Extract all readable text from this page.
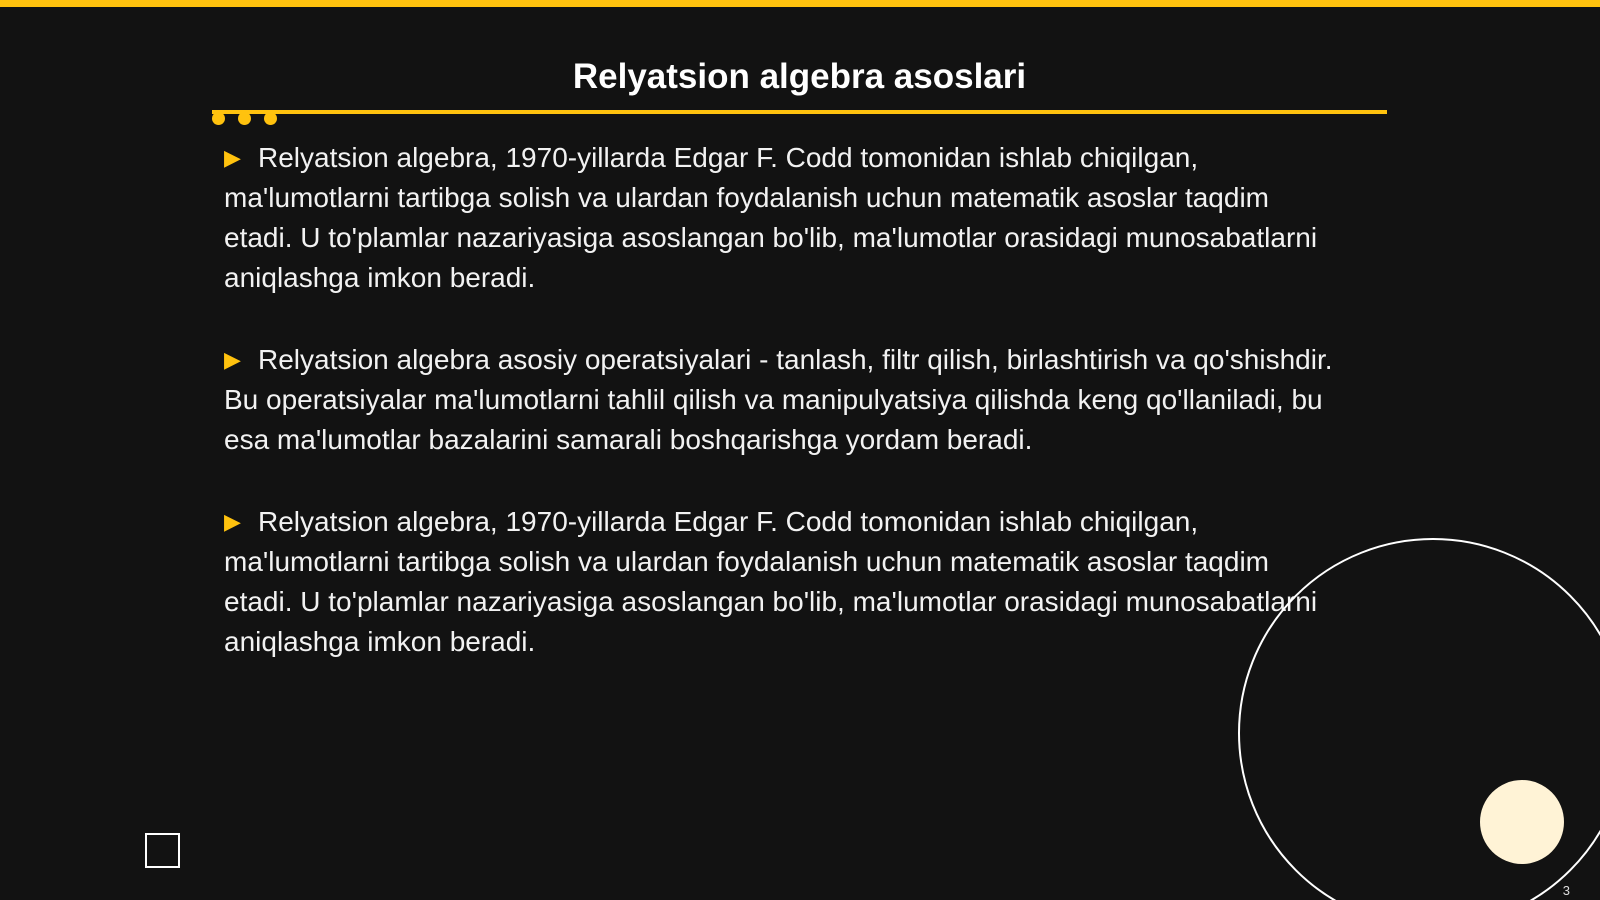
Relyatsion algebra asoslari

▶ Relyatsion algebra, 1970-yillarda Edgar F. Codd tomonidan ishlab chiqilgan, ma'lumotlarni tartibga solish va ulardan foydalanish uchun matematik asoslar taqdim etadi. U to'plamlar nazariyasiga asoslangan bo'lib, ma'lumotlar orasidagi munosabatlarni aniqlashga imkon beradi.

▶ Relyatsion algebra asosiy operatsiyalari - tanlash, filtr qilish, birlashtirish va qo'shishdir. Bu operatsiyalar ma'lumotlarni tahlil qilish va manipulyatsiya qilishda keng qo'llaniladi, bu esa ma'lumotlar bazalarini samarali boshqarishga yordam beradi.

▶ Relyatsion algebra, 1970-yillarda Edgar F. Codd tomonidan ishlab chiqilgan, ma'lumotlarni tartibga solish va ulardan foydalanish uchun matematik asoslar taqdim etadi. U to'plamlar nazariyasiga asoslangan bo'lib, ma'lumotlar orasidagi munosabatlarni aniqlashga imkon beradi.

3
